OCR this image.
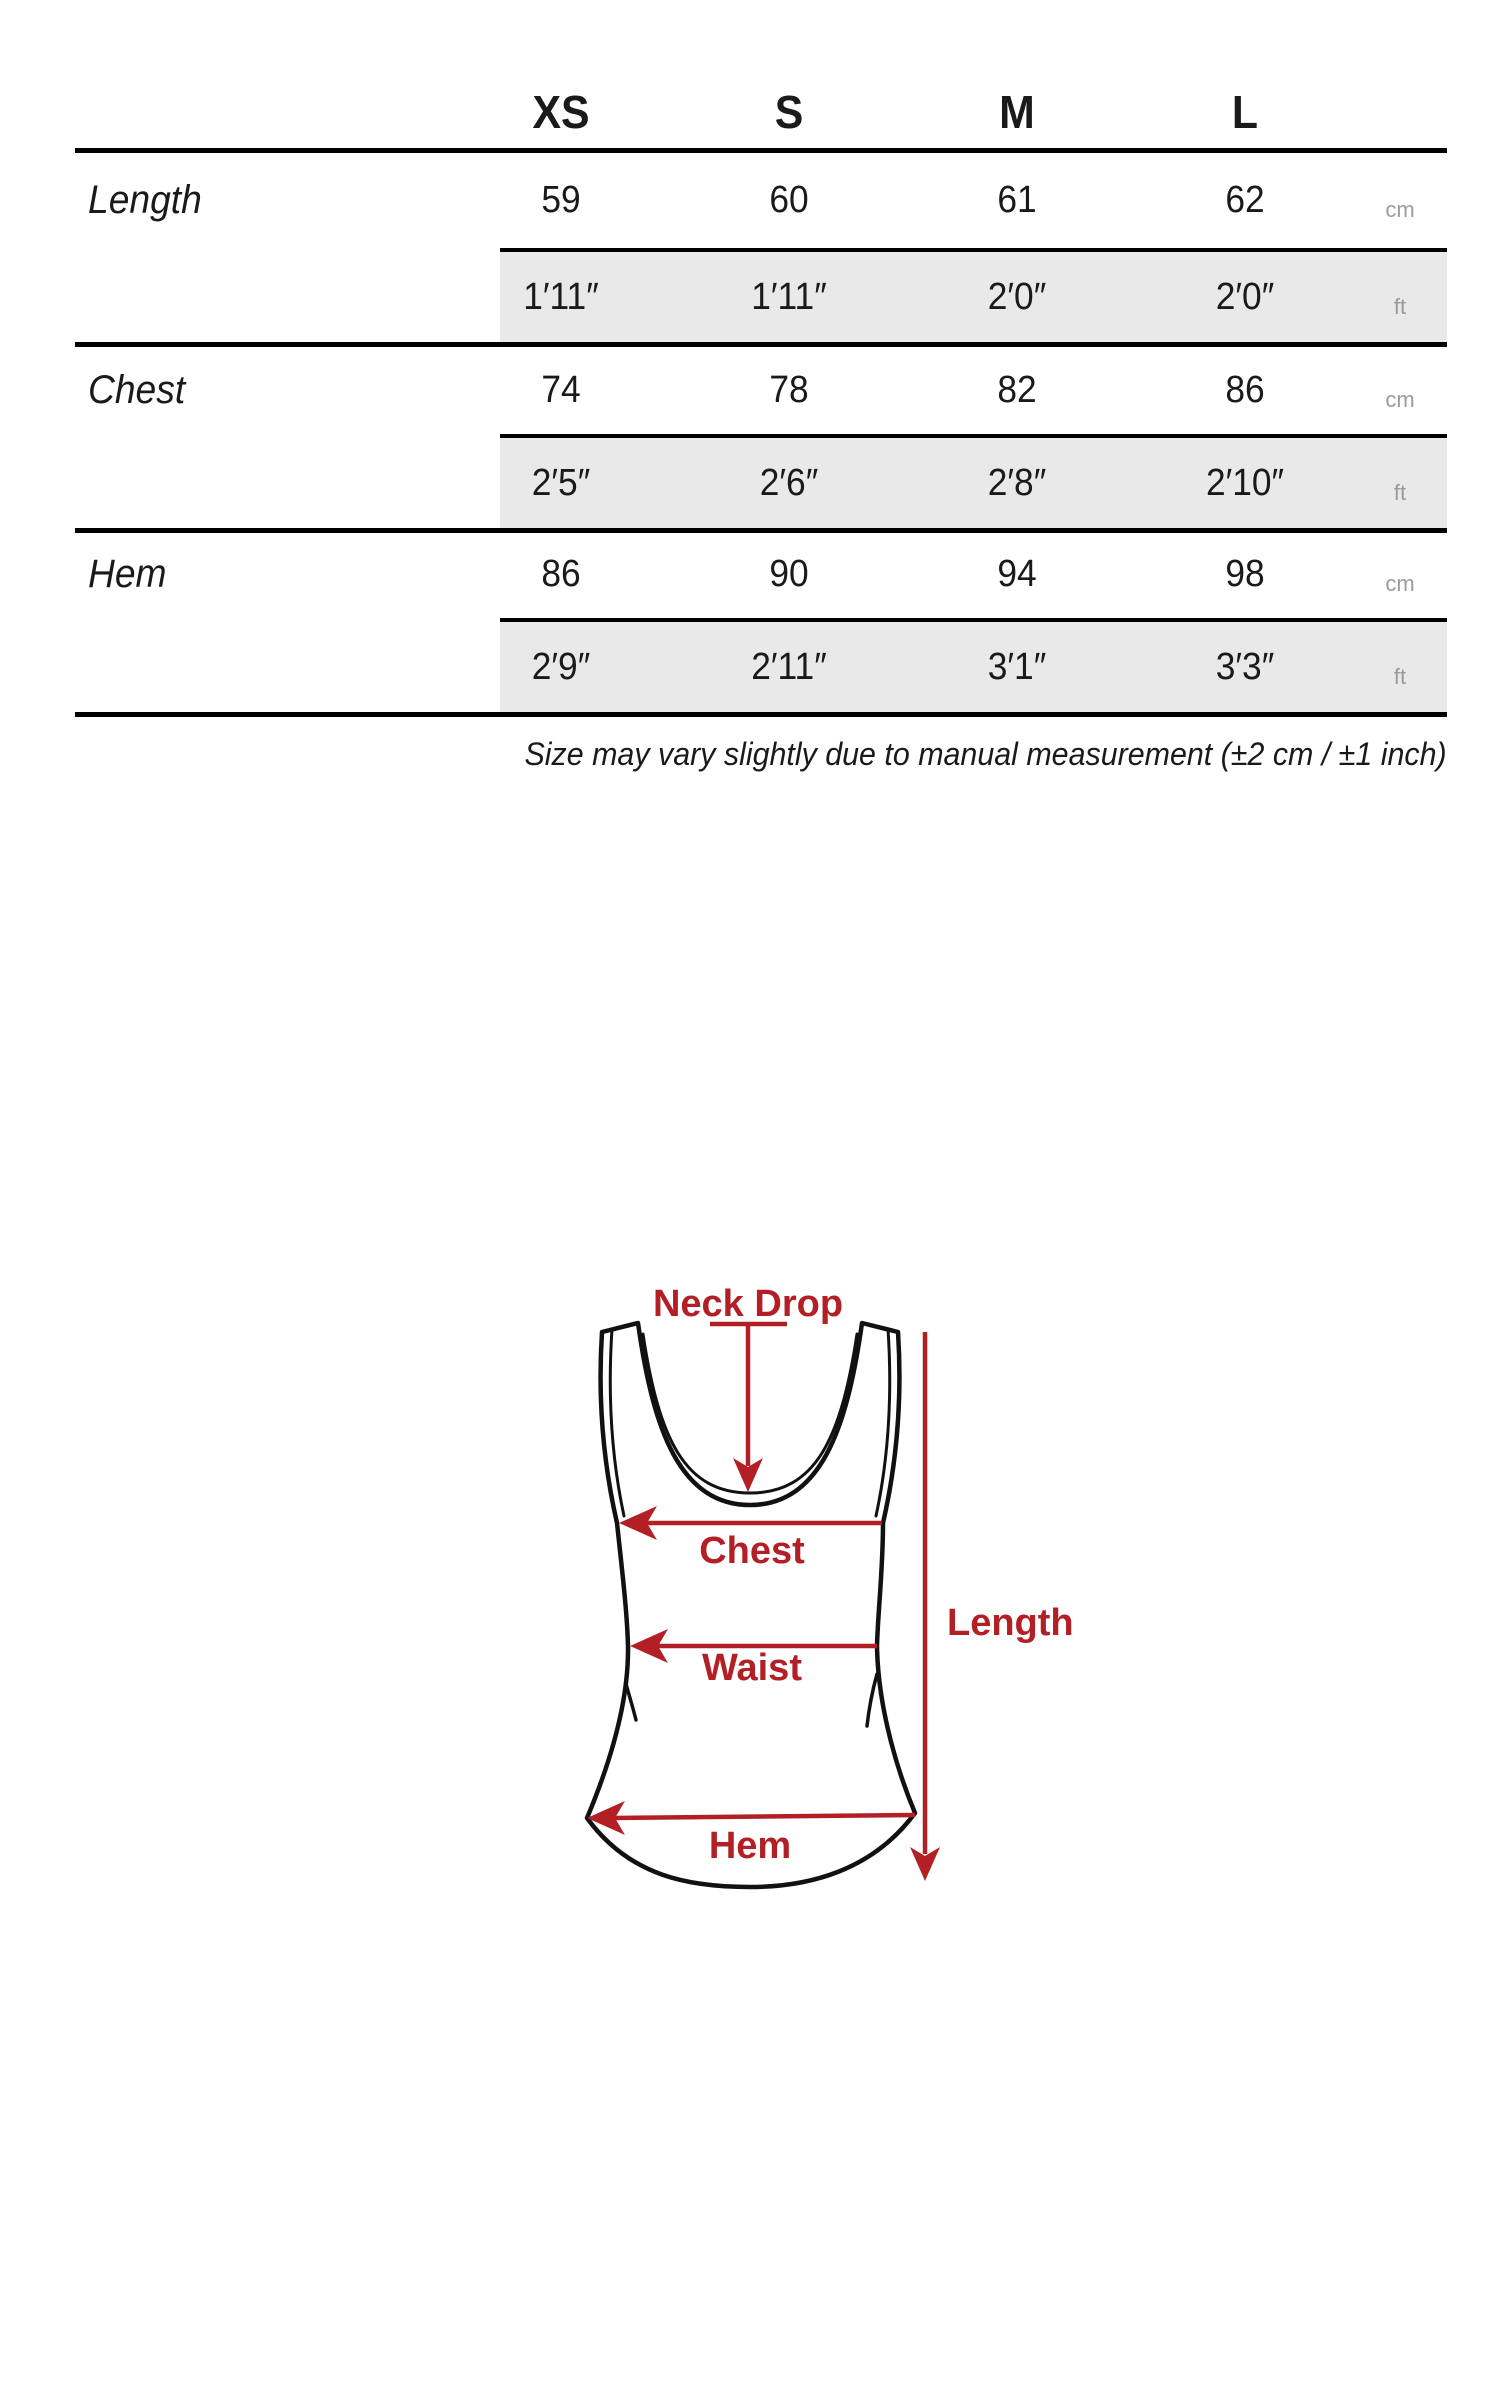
XS	S	M	L
Length	59	60	61	62	cm
1′11″	1′11″	2′0″	2′0″	ft
Chest	74	78	82	86	cm
2′5″	2′6″	2′8″	2′10″	ft
Hem	86	90	94	98	cm
2′9″	2′11″	3′1″	3′3″	ft
Size may vary slightly due to manual measurement (±2 cm / ±1 inch)
Neck Drop
Chest
Waist
Hem
Length
